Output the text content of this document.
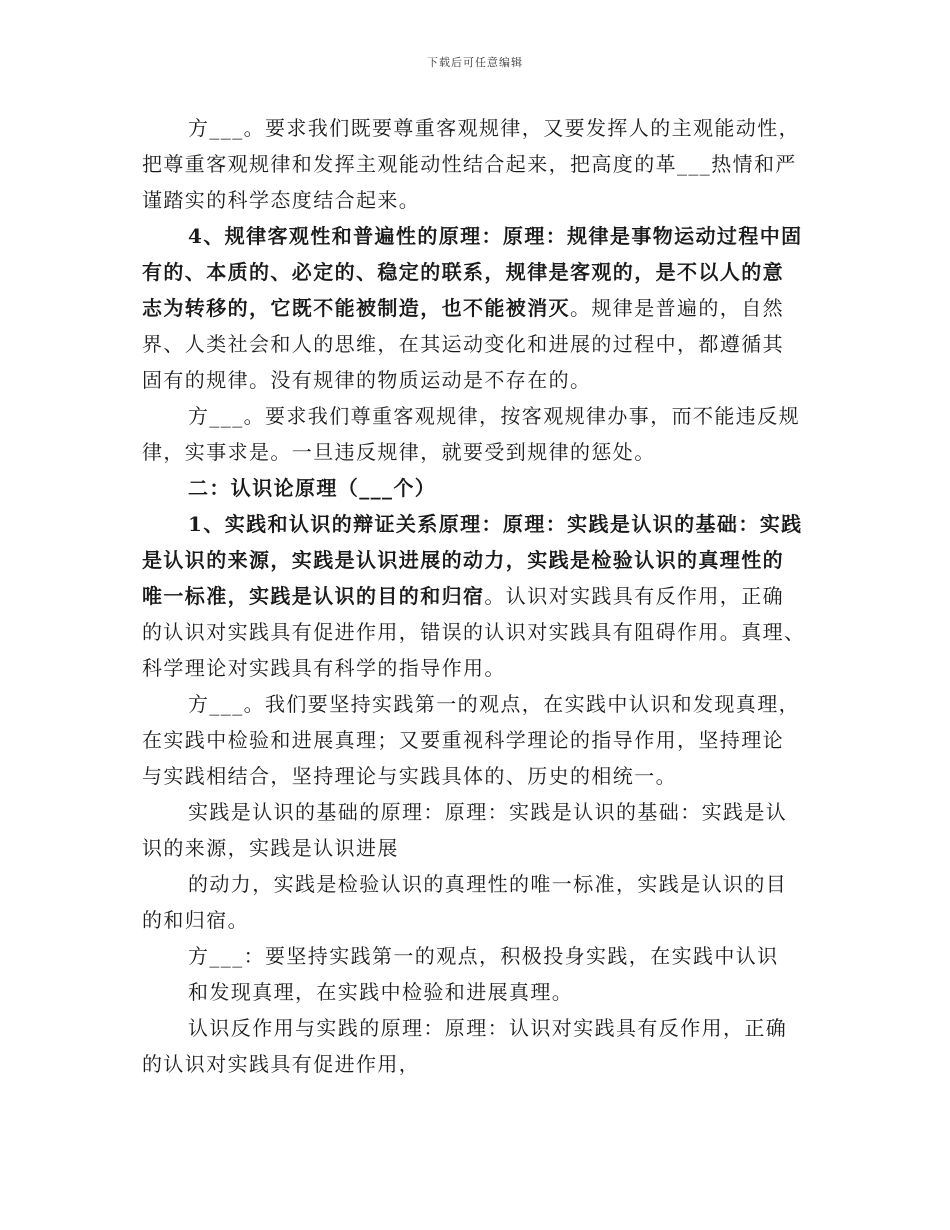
下载后可任意编辑
方___。要求我们既要尊重客观规律，又要发挥人的主观能动性，
把尊重客观规律和发挥主观能动性结合起来，把高度的革___热情和严
谨踏实的科学态度结合起来。
4、规律客观性和普遍性的原理：原理：规律是事物运动过程中固
有的、本质的、必定的、稳定的联系，规律是客观的，是不以人的意
志为转移的，它既不能被制造，也不能被消灭。规律是普遍的，自然
界、人类社会和人的思维，在其运动变化和进展的过程中，都遵循其
固有的规律。没有规律的物质运动是不存在的。
方___。要求我们尊重客观规律，按客观规律办事，而不能违反规
律，实事求是。一旦违反规律，就要受到规律的惩处。
二：认识论原理（___个）
1、实践和认识的辩证关系原理：原理：实践是认识的基础：实践
是认识的来源，实践是认识进展的动力，实践是检验认识的真理性的
唯一标准，实践是认识的目的和归宿。认识对实践具有反作用，正确
的认识对实践具有促进作用，错误的认识对实践具有阻碍作用。真理、
科学理论对实践具有科学的指导作用。
方___。我们要坚持实践第一的观点，在实践中认识和发现真理，
在实践中检验和进展真理；又要重视科学理论的指导作用，坚持理论
与实践相结合，坚持理论与实践具体的、历史的相统一。
实践是认识的基础的原理：原理：实践是认识的基础：实践是认
识的来源，实践是认识进展
的动力，实践是检验认识的真理性的唯一标准，实践是认识的目
的和归宿。
方___：要坚持实践第一的观点，积极投身实践，在实践中认识
和发现真理，在实践中检验和进展真理。
认识反作用与实践的原理：原理：认识对实践具有反作用，正确
的认识对实践具有促进作用，
